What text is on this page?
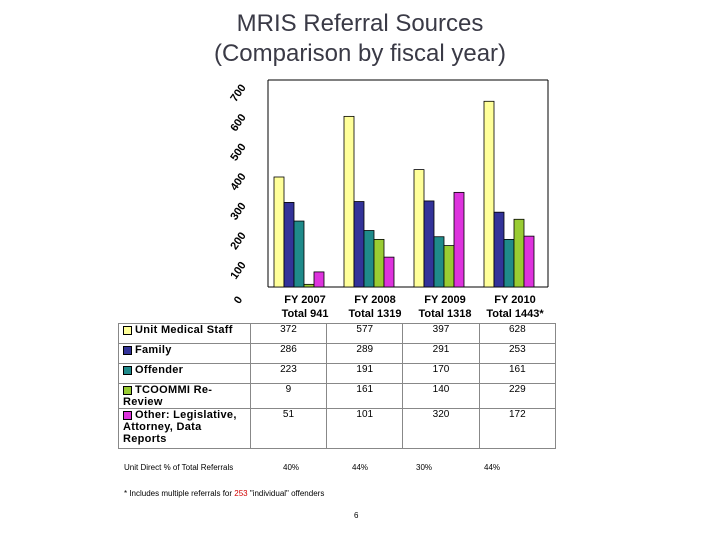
MRIS Referral Sources
(Comparison by fiscal year)
0
100
200
300
400
500
600
700
FY 2007
Total 941
FY 2008
Total 1319
FY 2009
Total 1318
FY 2010
Total 1443*
Unit Medical Staff	372	577	397	628
Family	286	289	291	253
Offender	223	191	170	161
TCOOMMI Re-Review	9	161	140	229
Other: Legislative, Attorney, Data Reports	51	101	320	172
Unit Direct % of Total Referrals	40%	44%	30%	44%
* Includes multiple referrals for 253 "individual" offenders
6
